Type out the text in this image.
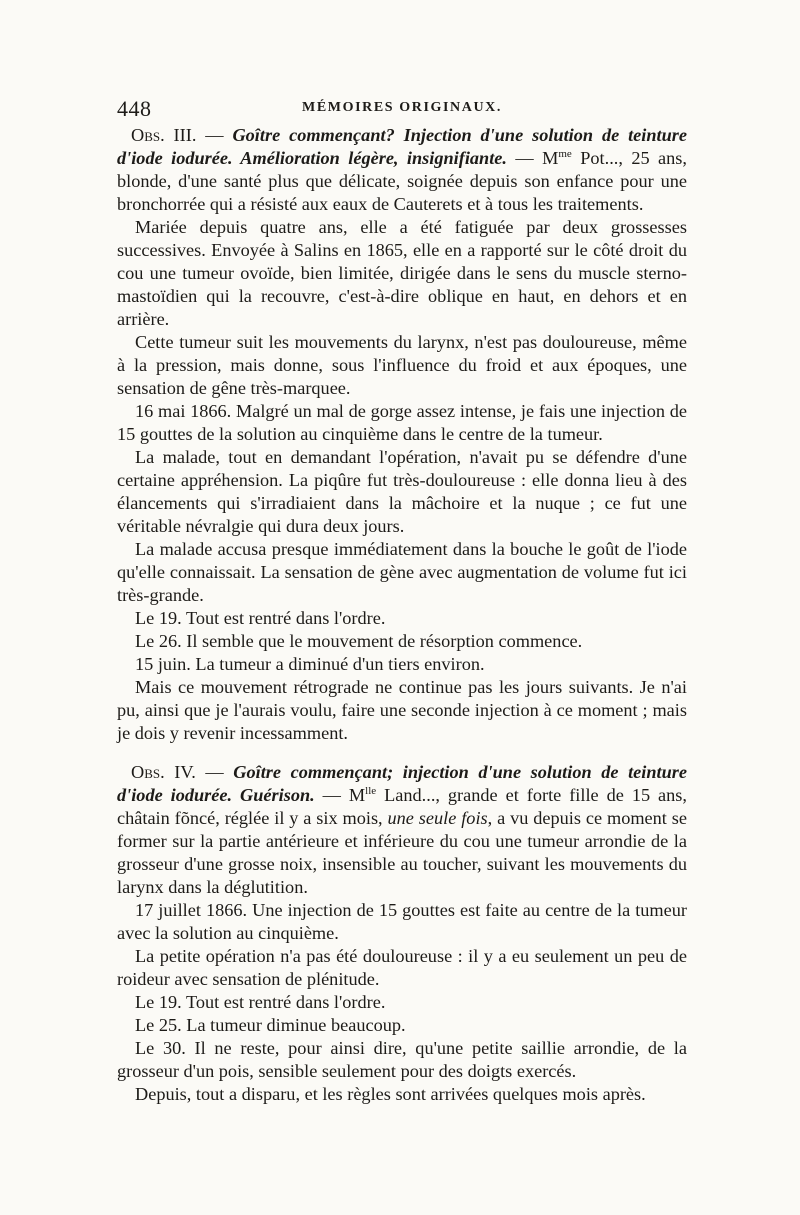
448	MÉMOIRES ORIGINAUX.

Obs. III. — Goître commençant? Injection d'une solution de teinture d'iode iodurée. Amélioration légère, insignifiante. — $M^{me}$ Pot..., 25 ans, blonde, d'une santé plus que délicate, soignée depuis son enfance pour une bronchorrée qui a résisté aux eaux de Cauterets et à tous les traitements.

Mariée depuis quatre ans, elle a été fatiguée par deux grossesses successives. Envoyée à Salins en 1865, elle en a rapporté sur le côté droit du cou une tumeur ovoïde, bien limitée, dirigée dans le sens du muscle sterno-mastoïdien qui la recouvre, c'est-à-dire oblique en haut, en dehors et en arrière.

Cette tumeur suit les mouvements du larynx, n'est pas douloureuse, même à la pression, mais donne, sous l'influence du froid et aux époques, une sensation de gêne très-marquee.

16 mai 1866. Malgré un mal de gorge assez intense, je fais une injection de 15 gouttes de la solution au cinquième dans le centre de la tumeur.

La malade, tout en demandant l'opération, n'avait pu se défendre d'une certaine appréhension. La piqûre fut très-douloureuse : elle donna lieu à des élancements qui s'irradiaient dans la mâchoire et la nuque ; ce fut une véritable névralgie qui dura deux jours.

La malade accusa presque immédiatement dans la bouche le goût de l'iode qu'elle connaissait. La sensation de gène avec augmentation de volume fut ici très-grande.

Le 19. Tout est rentré dans l'ordre.

Le 26. Il semble que le mouvement de résorption commence.

15 juin. La tumeur a diminué d'un tiers environ.

Mais ce mouvement rétrograde ne continue pas les jours suivants. Je n'ai pu, ainsi que je l'aurais voulu, faire une seconde injection à ce moment ; mais je dois y revenir incessamment.

Obs. IV. — Goître commençant; injection d'une solution de teinture d'iode iodurée. Guérison. — $M^{lle}$ Land..., grande et forte fille de 15 ans, châtain fõncé, réglée il y a six mois, une seule fois, a vu depuis ce moment se former sur la partie antérieure et inférieure du cou une tumeur arrondie de la grosseur d'une grosse noix, insensible au toucher, suivant les mouvements du larynx dans la déglutition.

17 juillet 1866. Une injection de 15 gouttes est faite au centre de la tumeur avec la solution au cinquième.

La petite opération n'a pas été douloureuse : il y a eu seulement un peu de roideur avec sensation de plénitude.

Le 19. Tout est rentré dans l'ordre.

Le 25. La tumeur diminue beaucoup.

Le 30. Il ne reste, pour ainsi dire, qu'une petite saillie arrondie, de la grosseur d'un pois, sensible seulement pour des doigts exercés.

Depuis, tout a disparu, et les règles sont arrivées quelques mois après.
